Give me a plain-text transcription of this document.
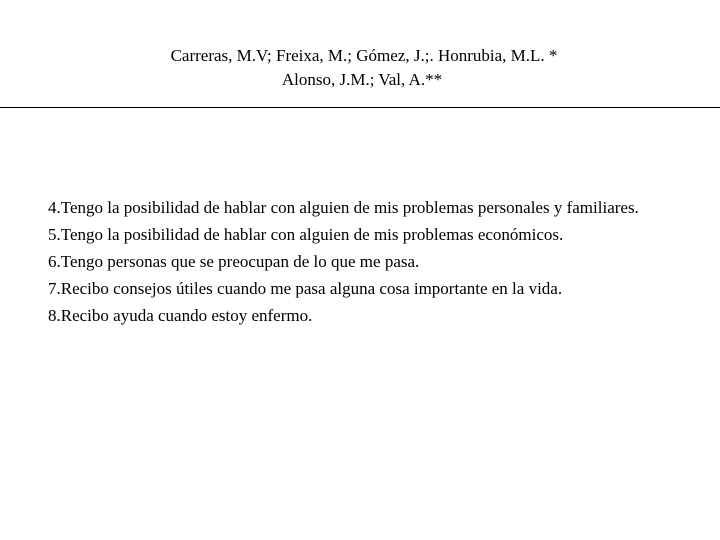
Carreras, M.V; Freixa, M.; Gómez, J.;. Honrubia, M.L. *
Alonso, J.M.; Val, A.**
4.Tengo la posibilidad de hablar con alguien de mis problemas personales y familiares.
5.Tengo la posibilidad de hablar con alguien de mis problemas económicos.
6.Tengo personas que se preocupan de lo que me pasa.
7.Recibo consejos útiles cuando me pasa alguna cosa importante en la vida.
8.Recibo ayuda cuando estoy enfermo.
